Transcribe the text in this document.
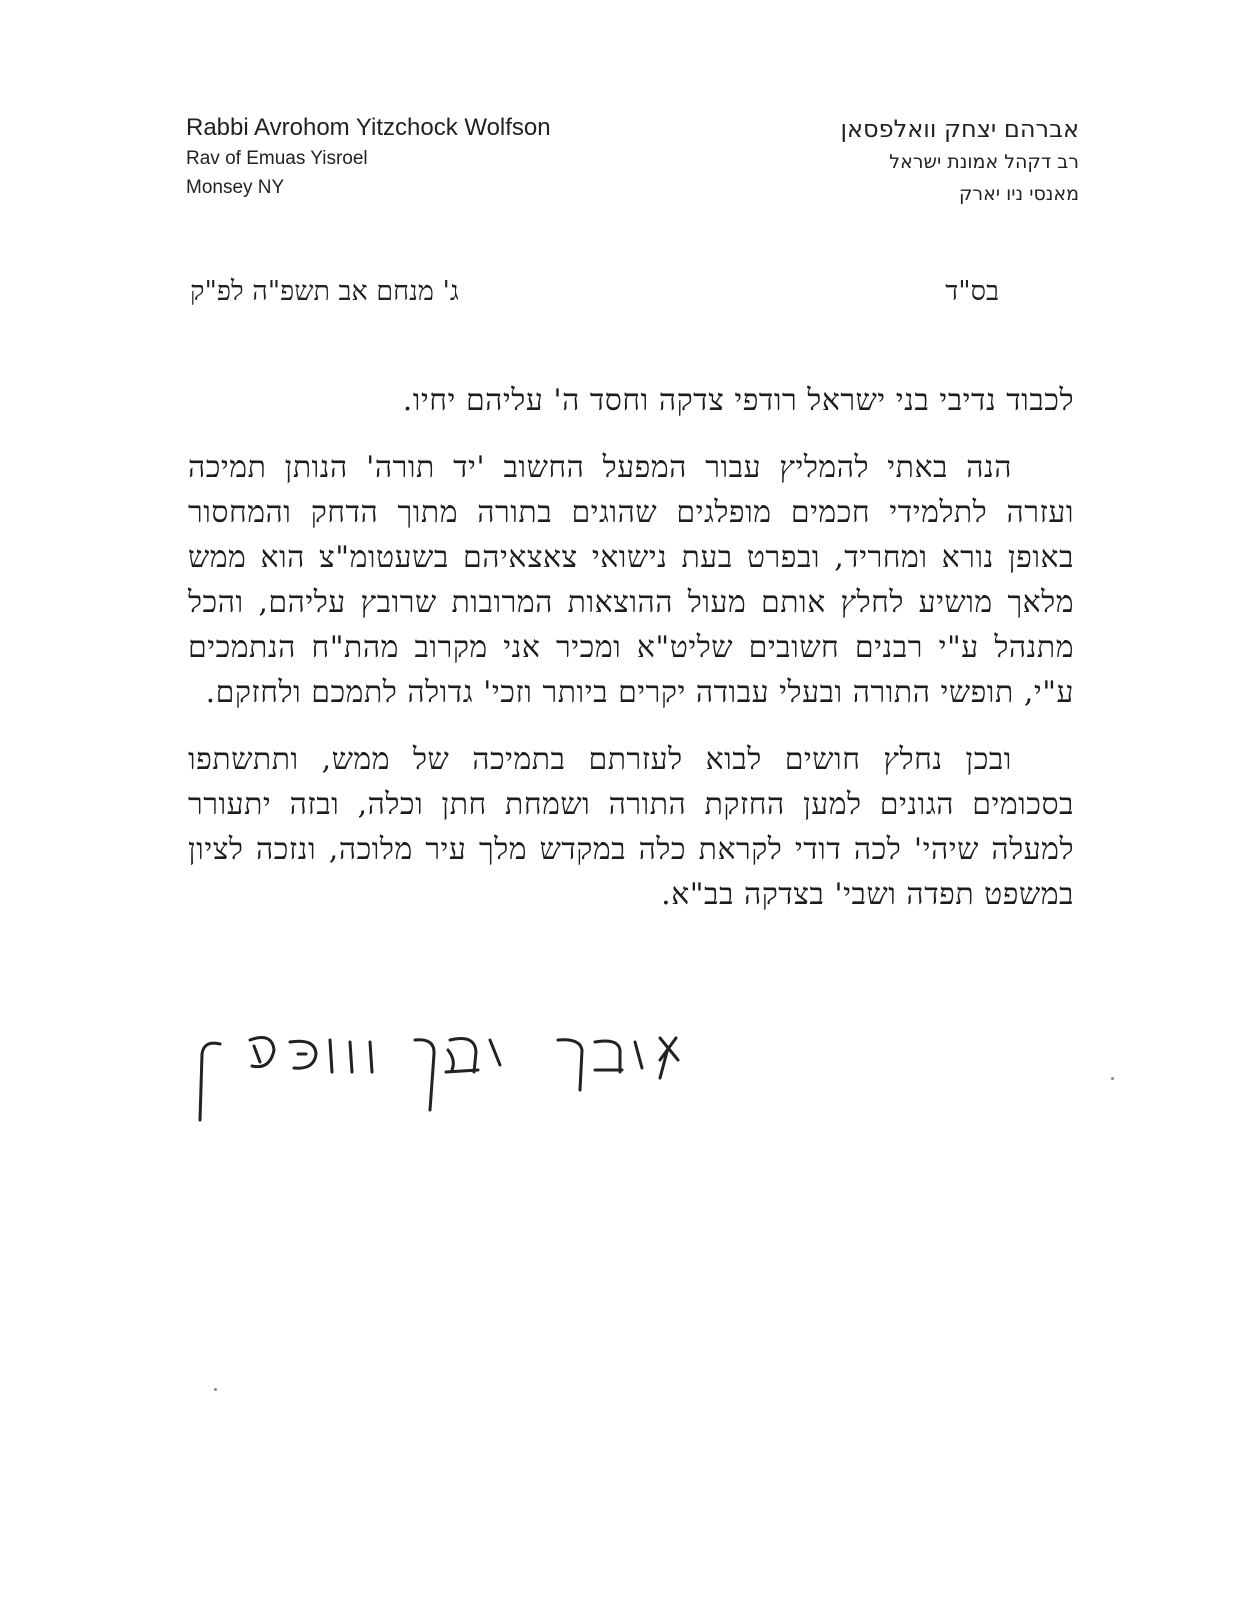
Rabbi Avrohom Yitzchock Wolfson
Rav of Emuas Yisroel
Monsey NY
אברהם יצחק וואלפסאן
רב דקהל אמונת ישראל
מאנסי ניו יארק
בס"ד
ג' מנחם אב תשפ"ה לפ"ק

לכבוד נדיבי בני ישראל רודפי צדקה וחסד ה' עליהם יחיו.

הנה באתי להמליץ עבור המפעל החשוב 'יד תורה' הנותן תמיכה ועזרה לתלמידי חכמים מופלגים שהוגים בתורה מתוך הדחק והמחסור באופן נורא ומחריד, ובפרט בעת נישואי צאצאיהם בשעטומ"צ הוא ממש מלאך מושיע לחלץ אותם מעול ההוצאות המרובות שרובץ עליהם, והכל מתנהל ע"י רבנים חשובים שליט"א ומכיר אני מקרוב מהת"ח הנתמכים ע"י, תופשי התורה ובעלי עבודה יקרים ביותר וזכי' גדולה לתמכם ולחזקם.

ובכן נחלץ חושים לבוא לעזרתם בתמיכה של ממש, ותתשתפו בסכומים הגונים למען החזקת התורה ושמחת חתן וכלה, ובזה יתעורר למעלה שיהי' לכה דודי לקראת כלה במקדש מלך עיר מלוכה, ונזכה לציון במשפט תפדה ושבי' בצדקה בב"א.
